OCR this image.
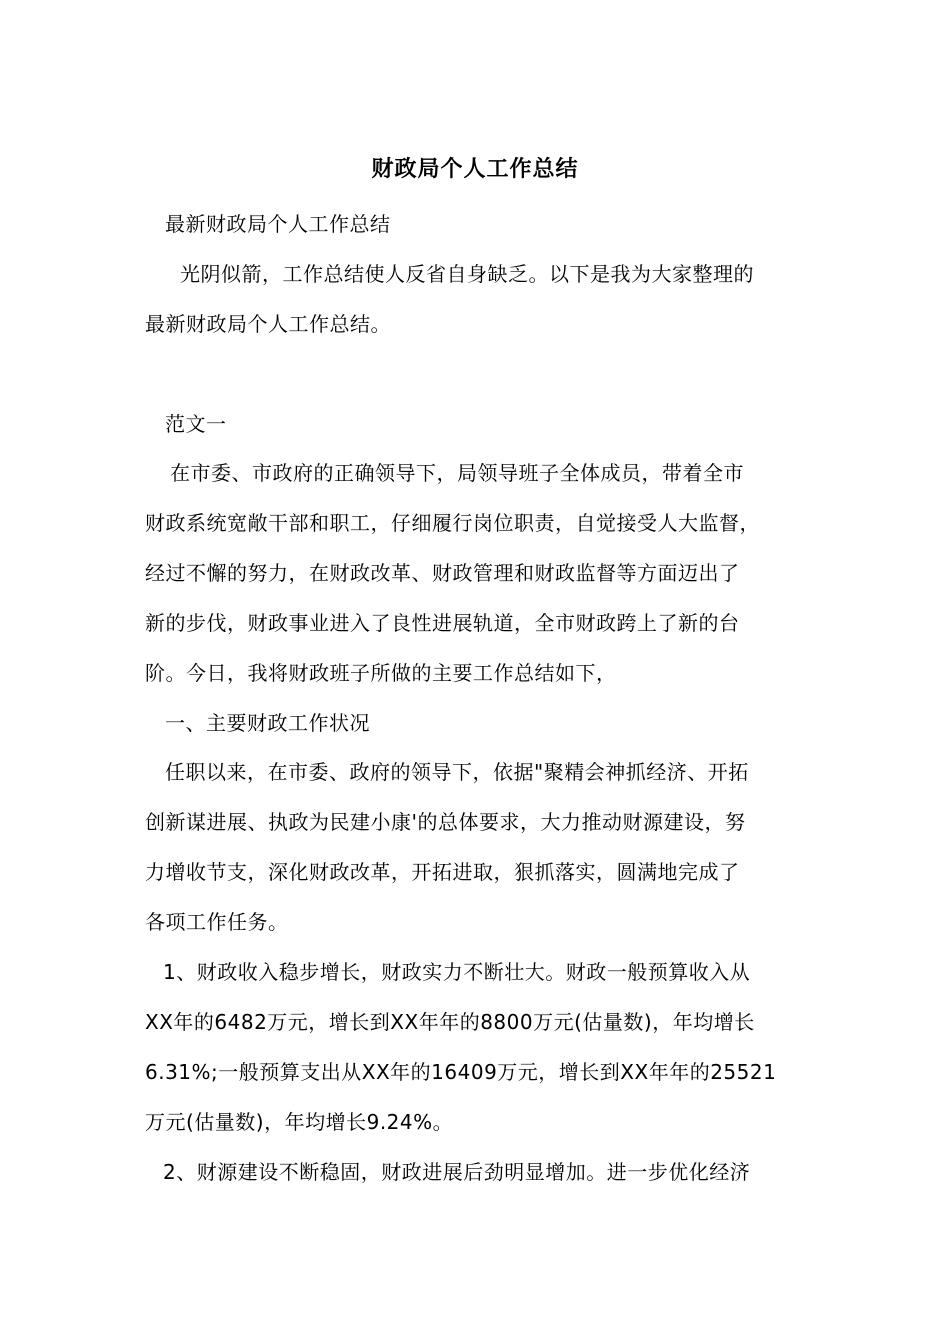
财政局个人工作总结
最新财政局个人工作总结
光阴似箭，工作总结使人反省自身缺乏。以下是我为大家整理的
最新财政局个人工作总结。
范文一
在市委、市政府的正确领导下，局领导班子全体成员，带着全市
财政系统宽敞干部和职工，仔细履行岗位职责，自觉接受人大监督，
经过不懈的努力，在财政改革、财政管理和财政监督等方面迈出了
新的步伐，财政事业进入了良性进展轨道，全市财政跨上了新的台
阶。今日，我将财政班子所做的主要工作总结如下，
一、主要财政工作状况
任职以来，在市委、政府的领导下，依据"聚精会神抓经济、开拓
创新谋进展、执政为民建小康'的总体要求，大力推动财源建设，努
力增收节支，深化财政改革，开拓进取，狠抓落实，圆满地完成了
各项工作任务。
1、财政收入稳步增长，财政实力不断壮大。财政一般预算收入从
XX年的6482万元，增长到XX年年的8800万元(估量数)，年均增长
6.31%;一般预算支出从XX年的16409万元，增长到XX年年的25521
万元(估量数)，年均增长9.24%。
2、财源建设不断稳固，财政进展后劲明显增加。进一步优化经济
